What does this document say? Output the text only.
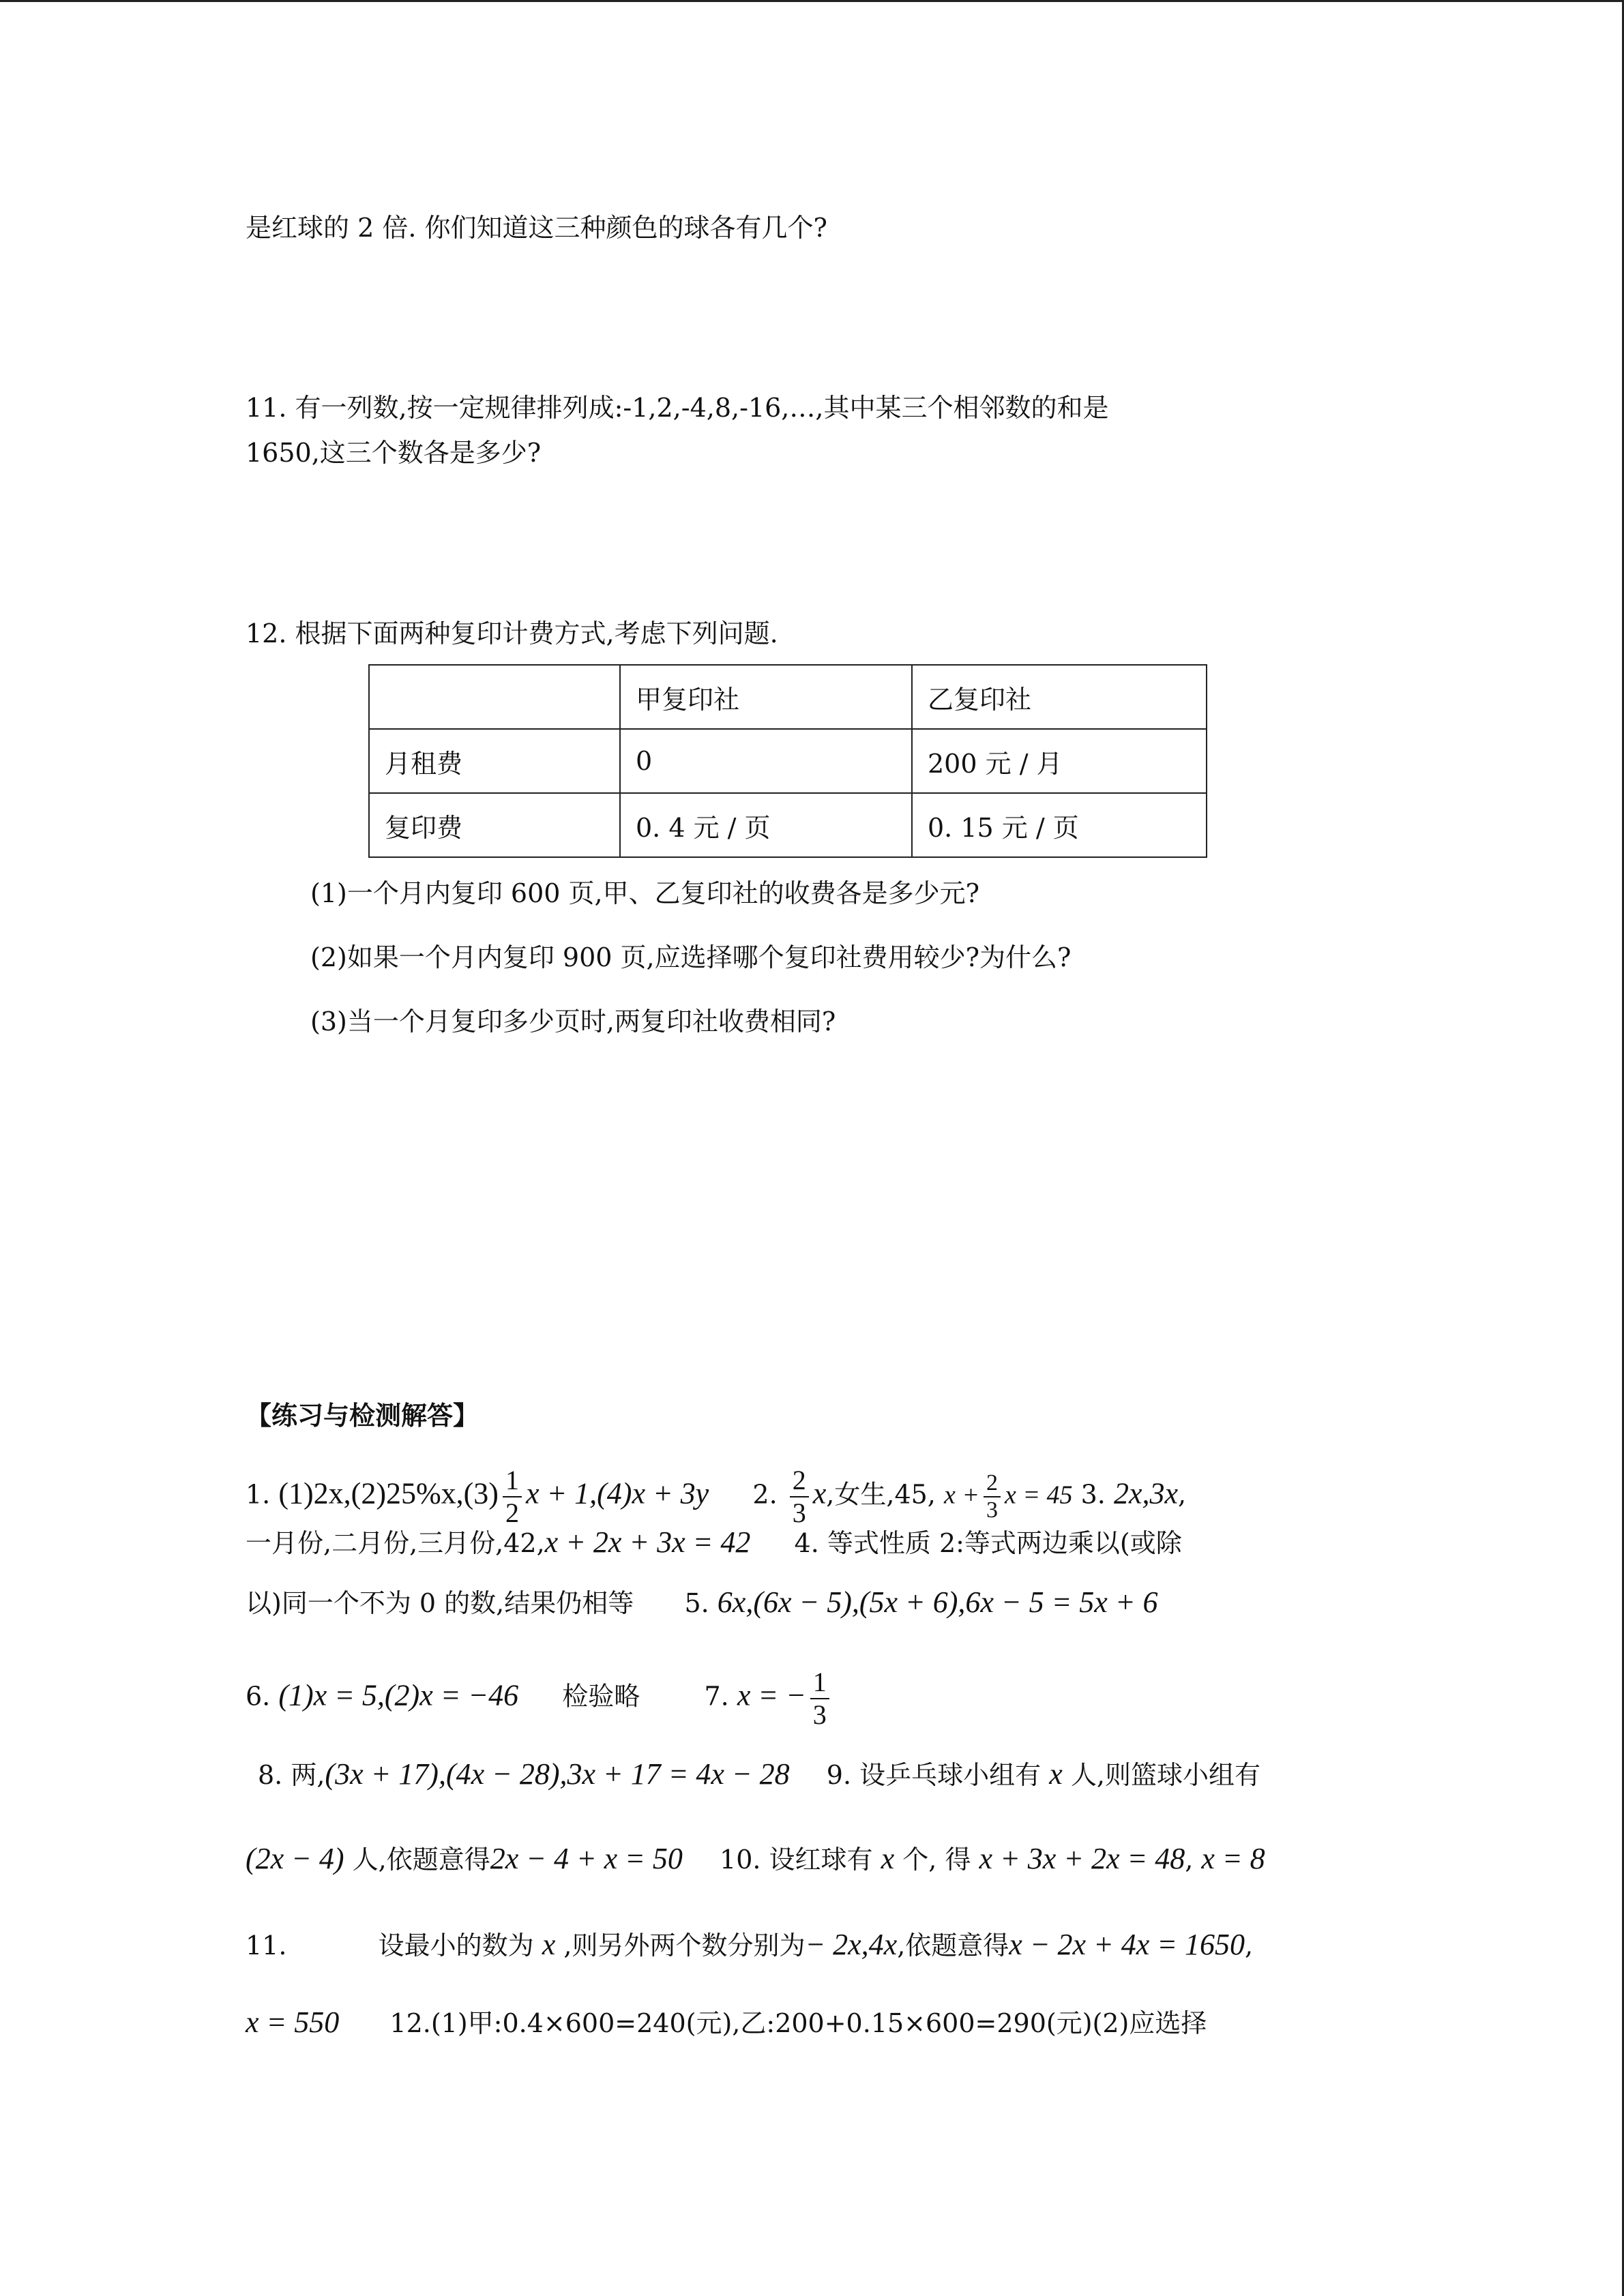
是红球的 2 倍. 你们知道这三种颜色的球各有几个?
11. 有一列数,按一定规律排列成:-1,2,-4,8,-16,…,其中某三个相邻数的和是
1650,这三个数各是多少?
12. 根据下面两种复印计费方式,考虑下列问题.
	甲复印社	乙复印社
月租费	0	200 元 / 月
复印费	0. 4 元 / 页	0. 15 元 / 页
(1)一个月内复印 600 页,甲、乙复印社的收费各是多少元?
(2)如果一个月内复印 900 页,应选择哪个复印社费用较少?为什么?
(3)当一个月复印多少页时,两复印社收费相同?
【练习与检测解答】
1. $(1)2x,(2)25\%x,(3) \frac{1}{2}$ x + 1,(4)x + 3y 2. $\frac{2}{3} x$,女生,45, $x + \frac{2}{3}$ x = 45 3. 2x,3x,
一月份,二月份,三月份,42,x + 2x + 3x = 42 4. 等式性质 2:等式两边乘以(或除
以)同一个不为 0 的数,结果仍相等 5. 6x,(6x − 5),(5x + 6),6x − 5 = 5x + 6
6. (1)x = 5,(2)x = −46 检验略 7. x = − $\frac{1}{3}$
8. 两,(3x + 17),(4x − 28),3x + 17 = 4x − 28 9. 设乒乓球小组有 x 人,则篮球小组有
(2x − 4) 人,依题意得2x − 4 + x = 50 10. 设红球有 x 个, 得 x + 3x + 2x = 48, x = 8
11.	设最小的数为 x ,则另外两个数分别为− 2x,4x,依题意得x − 2x + 4x = 1650,
x = 550 12.(1)甲:0.4×600=240(元),乙:200+0.15×600=290(元)(2)应选择
